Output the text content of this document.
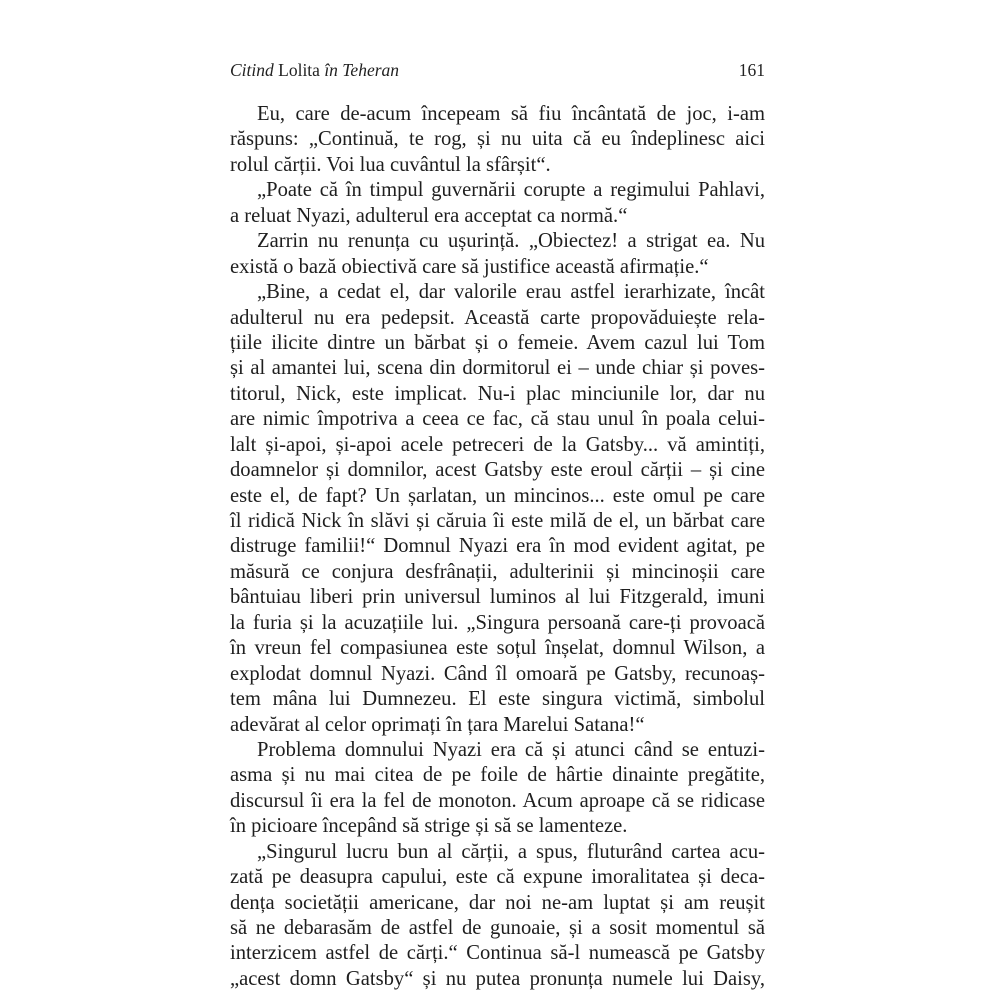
Citind Lolita în Teheran	161
Eu, care de-acum începeam să fiu încântată de joc, i-am
răspuns: „Continuă, te rog, și nu uita că eu îndeplinesc aici
rolul cărții. Voi lua cuvântul la sfârșit“.
„Poate că în timpul guvernării corupte a regimului Pahlavi,
a reluat Nyazi, adulterul era acceptat ca normă.“
Zarrin nu renunța cu ușurință. „Obiectez! a strigat ea. Nu
există o bază obiectivă care să justifice această afirmație.“
„Bine, a cedat el, dar valorile erau astfel ierarhizate, încât
adulterul nu era pedepsit. Această carte propovăduiește rela-
țiile ilicite dintre un bărbat și o femeie. Avem cazul lui Tom
și al amantei lui, scena din dormitorul ei – unde chiar și poves-
titorul, Nick, este implicat. Nu-i plac minciunile lor, dar nu
are nimic împotriva a ceea ce fac, că stau unul în poala celui-
lalt și-apoi, și-apoi acele petreceri de la Gatsby... vă amintiți,
doamnelor și domnilor, acest Gatsby este eroul cărții – și cine
este el, de fapt? Un șarlatan, un mincinos... este omul pe care
îl ridică Nick în slăvi și căruia îi este milă de el, un bărbat care
distruge familii!“ Domnul Nyazi era în mod evident agitat, pe
măsură ce conjura desfrânații, adulterinii și mincinoșii care
bântuiau liberi prin universul luminos al lui Fitzgerald, imuni
la furia și la acuzațiile lui. „Singura persoană care-ți provoacă
în vreun fel compasiunea este soțul înșelat, domnul Wilson, a
explodat domnul Nyazi. Când îl omoară pe Gatsby, recunoaș-
tem mâna lui Dumnezeu. El este singura victimă, simbolul
adevărat al celor oprimați în țara Marelui Satana!“
Problema domnului Nyazi era că și atunci când se entuzi-
asma și nu mai citea de pe foile de hârtie dinainte pregătite,
discursul îi era la fel de monoton. Acum aproape că se ridicase
în picioare începând să strige și să se lamenteze.
„Singurul lucru bun al cărții, a spus, fluturând cartea acu-
zată pe deasupra capului, este că expune imoralitatea și deca-
dența societății americane, dar noi ne-am luptat și am reușit
să ne debarasăm de astfel de gunoaie, și a sosit momentul să
interzicem astfel de cărți.“ Continua să-l numească pe Gatsby
„acest domn Gatsby“ și nu putea pronunța numele lui Daisy,
